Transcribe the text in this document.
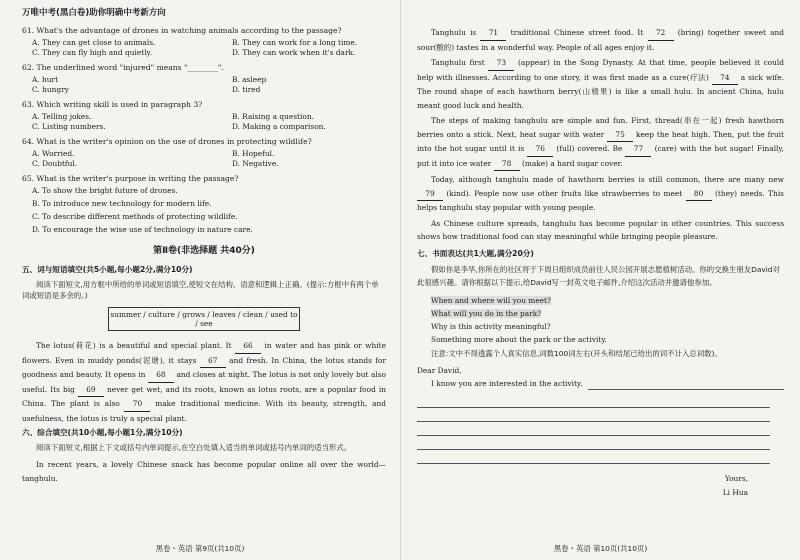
万唯中考(黑白卷)助你明确中考新方向

61. What's the advantage of drones in watching animals according to the passage?

A. They can get close to animals.	B. They can work for a long time.
C. They can fly high and quietly.	D. They can work when it's dark.

62. The underlined word "injured" means "________".

A. hurt	B. asleep
C. hungry	D. tired

63. Which writing skill is used in paragraph 3?

A. Telling jokes.	B. Raising a question.
C. Listing numbers.	D. Making a comparison.

64. What is the writer's opinion on the use of drones in protecting wildlife?

A. Worried.	B. Hopeful.
C. Doubtful.	D. Negative.

65. What is the writer's purpose in writing the passage?

A. To show the bright future of drones.
B. To introduce new technology for modern life.
C. To describe different methods of protecting wildlife.
D. To encourage the wise use of technology in nature care.
第Ⅱ卷(非选择题 共40分)
五、词与短语填空(共5小题,每小题2分,满分10分)

阅读下面短文,用方框中所给的单词或短语填空,使短文在结构、语意和逻辑上正确。(提示:方框中有两个单词或短语是多余的。)

summer / culture / grows / leaves / clean / used to / see

The lotus(荷花) is a beautiful and special plant. It 66 in water and has pink or white flowers. Even in muddy ponds(泥塘), it stays 67 and fresh. In China, the lotus stands for goodness and beauty. It opens in 68 and closes at night. The lotus is not only lovely but also useful. Its big 69 never get wet, and its roots, known as lotus roots, are a popular food in China. The plant is also 70 make traditional medicine. With its beauty, strength, and usefulness, the lotus is truly a special plant.

六、综合填空(共10小题,每小题1分,满分10分)

阅读下面短文,根据上下文或括号内单词提示,在空白处填入适当的单词或括号内单词的适当形式。

In recent years, a lovely Chinese snack has become popular online all over the world—tanghulu.

黑卷・英语 第9页(共10页)

Tanghulu is 71 traditional Chinese street food. It 72 (bring) together sweet and sour(酸的) tastes in a wonderful way. People of all ages enjoy it.

Tanghulu first 73 (appear) in the Song Dynasty. At that time, people believed it could help with illnesses. According to one story, it was first made as a cure(疗法) 74 a sick wife. The round shape of each hawthorn berry(山楂果) is like a small hulu. In ancient China, hulu meant good luck and health.

The steps of making tanghulu are simple and fun. First, thread(串在一起) fresh hawthorn berries onto a stick. Next, heat sugar with water 75 keep the heat high. Then, put the fruit into the hot sugar until it is 76 (full) covered. Be 77 (care) with the hot sugar! Finally, put it into ice water 78 (make) a hard sugar cover.

Today, although tanghulu made of hawthorn berries is still common, there are many new 79 (kind). People now use other fruits like strawberries to meet 80 (they) needs. This helps tanghulu stay popular with young people.

As Chinese culture spreads, tanghulu has become popular in other countries. This success shows how traditional food can stay meaningful while bringing people pleasure.

七、书面表达(共1大题,满分20分)

假如你是李华,你所在的社区将于下周日组织成员前往人民公园开展志愿植树活动。你的交换生朋友David对此很感兴趣。请你根据以下提示,给David写一封英文电子邮件,介绍这次活动并邀请他参加。

When and where will you meet?
What will you do in the park?
Why is this activity meaningful?
Something more about the park or the activity.

注意:文中不得透露个人真实信息,词数100词左右(开头和结尾已给出的词不计入总词数)。

Dear David,
I know you are interested in the activity.
Yours,
Li Hua
黑卷・英语 第10页(共10页)
